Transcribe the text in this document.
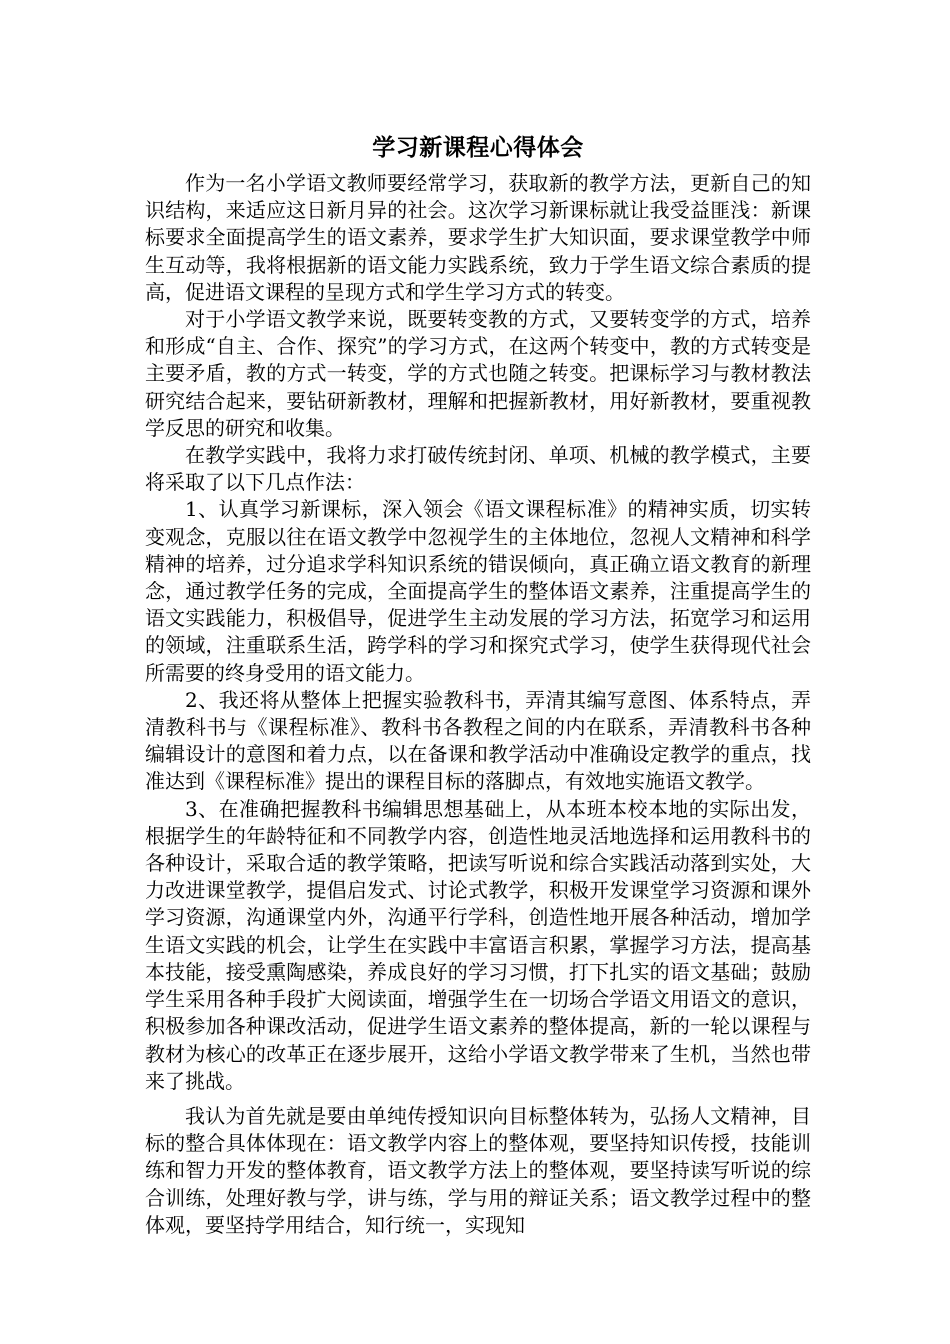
学习新课程心得体会

作为一名小学语文教师要经常学习，获取新的教学方法，更新自己的知识结构，来适应这日新月异的社会。这次学习新课标就让我受益匪浅：新课标要求全面提高学生的语文素养，要求学生扩大知识面，要求课堂教学中师生互动等，我将根据新的语文能力实践系统，致力于学生语文综合素质的提高，促进语文课程的呈现方式和学生学习方式的转变。

对于小学语文教学来说，既要转变教的方式，又要转变学的方式，培养和形成“自主、合作、探究”的学习方式，在这两个转变中，教的方式转变是主要矛盾，教的方式一转变，学的方式也随之转变。把课标学习与教材教法研究结合起来，要钻研新教材，理解和把握新教材，用好新教材，要重视教学反思的研究和收集。

在教学实践中，我将力求打破传统封闭、单项、机械的教学模式，主要将采取了以下几点作法：

1、认真学习新课标，深入领会《语文课程标准》的精神实质，切实转变观念，克服以往在语文教学中忽视学生的主体地位，忽视人文精神和科学精神的培养，过分追求学科知识系统的错误倾向，真正确立语文教育的新理念，通过教学任务的完成，全面提高学生的整体语文素养，注重提高学生的语文实践能力，积极倡导，促进学生主动发展的学习方法，拓宽学习和运用的领域，注重联系生活，跨学科的学习和探究式学习，使学生获得现代社会所需要的终身受用的语文能力。

2、我还将从整体上把握实验教科书，弄清其编写意图、体系特点，弄清教科书与《课程标准》、教科书各教程之间的内在联系，弄清教科书各种编辑设计的意图和着力点，以在备课和教学活动中准确设定教学的重点，找准达到《课程标准》提出的课程目标的落脚点，有效地实施语文教学。

3、在准确把握教科书编辑思想基础上，从本班本校本地的实际出发，根据学生的年龄特征和不同教学内容，创造性地灵活地选择和运用教科书的各种设计，采取合适的教学策略，把读写听说和综合实践活动落到实处，大力改进课堂教学，提倡启发式、讨论式教学，积极开发课堂学习资源和课外学习资源，沟通课堂内外，沟通平行学科，创造性地开展各种活动，增加学生语文实践的机会，让学生在实践中丰富语言积累，掌握学习方法，提高基本技能，接受熏陶感染，养成良好的学习习惯，打下扎实的语文基础；鼓励学生采用各种手段扩大阅读面，增强学生在一切场合学语文用语文的意识，积极参加各种课改活动，促进学生语文素养的整体提高，新的一轮以课程与教材为核心的改革正在逐步展开，这给小学语文教学带来了生机，当然也带来了挑战。

我认为首先就是要由单纯传授知识向目标整体转为，弘扬人文精神，目标的整合具体体现在：语文教学内容上的整体观，要坚持知识传授，技能训练和智力开发的整体教育，语文教学方法上的整体观，要坚持读写听说的综合训练，处理好教与学，讲与练，学与用的辩证关系；语文教学过程中的整体观，要坚持学用结合，知行统一，实现知
